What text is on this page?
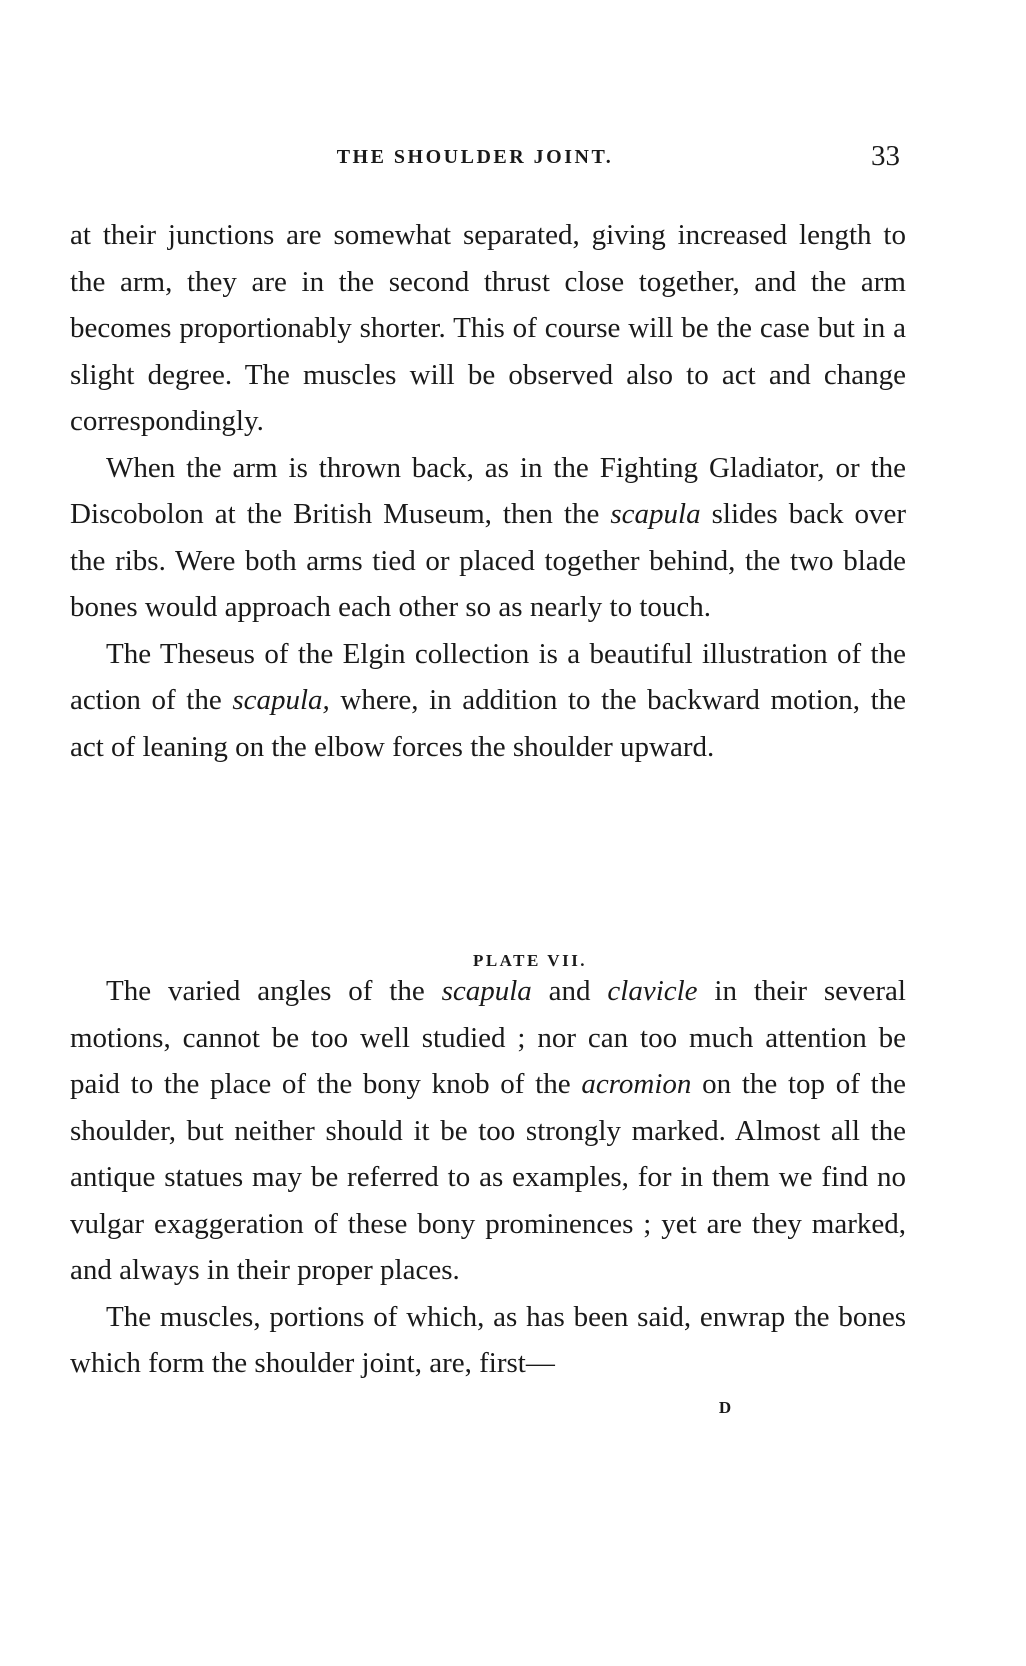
THE SHOULDER JOINT.	33

at their junctions are somewhat separated, giving increased length to the arm, they are in the second thrust close together, and the arm becomes proportionably shorter. This of course will be the case but in a slight degree. The muscles will be observed also to act and change correspondingly.

When the arm is thrown back, as in the Fighting Gladiator, or the Discobolon at the British Museum, then the scapula slides back over the ribs. Were both arms tied or placed together behind, the two blade bones would approach each other so as nearly to touch.

The Theseus of the Elgin collection is a beautiful illustration of the action of the scapula, where, in addition to the backward motion, the act of leaning on the elbow forces the shoulder upward.

PLATE VII.

The varied angles of the scapula and clavicle in their several motions, cannot be too well studied ; nor can too much attention be paid to the place of the bony knob of the acromion on the top of the shoulder, but neither should it be too strongly marked. Almost all the antique statues may be referred to as examples, for in them we find no vulgar exaggeration of these bony prominences ; yet are they marked, and always in their proper places.

The muscles, portions of which, as has been said, enwrap the bones which form the shoulder joint, are, first—

D
